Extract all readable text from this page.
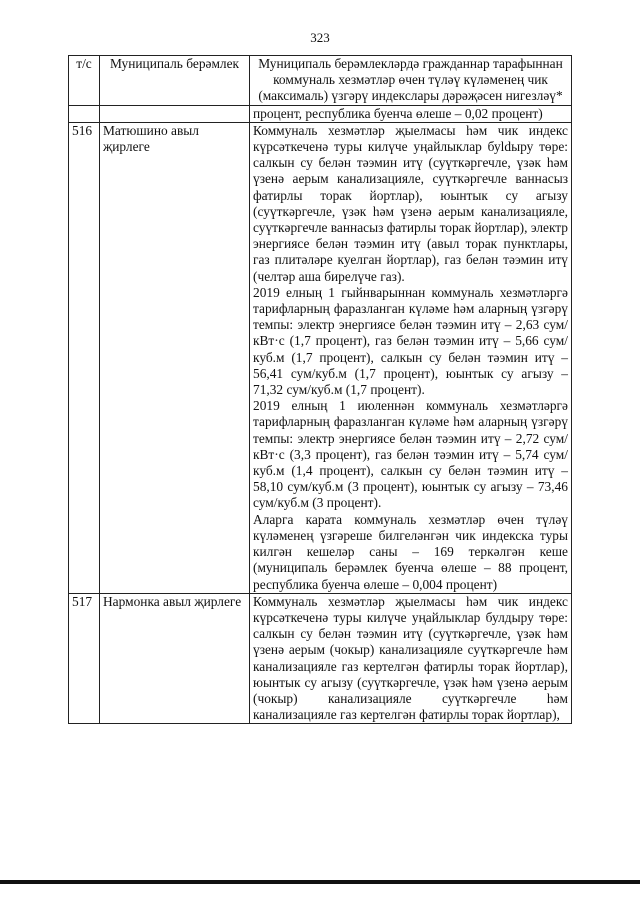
323
т/с	Муниципаль берәмлек	Муниципаль берәмлекләрдә гражданнар тарафыннан коммуналь хезмәтләр өчен түләү күләменең чик (максималь) үзгәрү индекслары дәрәҗәсен нигезләү*

		процент, республика буенча өлеше – 0,02 процент)

516	Матюшино авыл җирлеге	Коммуналь хезмәтләр җыелмасы һәм чик индекс күрсәткеченә туры килүче уңайлыклар буldыру төре: салкын су белән тәэмин итү (суүткәргечле, үзәк һәм үзенә аерым канализацияле, суүткәргечле ваннасыз фатирлы торак йортлар), юынтык су агызу (суүткәргечле, үзәк һәм үзенә аерым канализацияле, суүткәргечле ваннасыз фатирлы торак йортлар), электр энергиясе белән тәэмин итү (авыл торак пунктлары, газ плитәләре куелган йортлар), газ белән тәэмин итү (челтәр аша бирелүче газ).
2019 елның 1 гыйнварыннан коммуналь хезмәтләргә тарифларның фаразланган күләме һәм аларның үзгәрү темпы: электр энергиясе белән тәэмин итү – 2,63 сум/кВт·с (1,7 процент), газ белән тәэмин итү – 5,66 сум/куб.м (1,7 процент), салкын су белән тәэмин итү – 56,41 сум/куб.м (1,7 процент), юынтык су агызу – 71,32 сум/куб.м (1,7 процент).
2019 елның 1 июленнән коммуналь хезмәтләргә тарифларның фаразланган күләме һәм аларның үзгәрү темпы: электр энергиясе белән тәэмин итү – 2,72 сум/кВт·с (3,3 процент), газ белән тәэмин итү – 5,74 сум/куб.м (1,4 процент), салкын су белән тәэмин итү – 58,10 сум/куб.м (3 процент), юынтык су агызу – 73,46 сум/куб.м (3 процент).
Аларга карата коммуналь хезмәтләр өчен түләү күләменең үзгәреше билгеләнгән чик индекска туры килгән кешеләр саны – 169 теркәлгән кеше (муниципаль берәмлек буенча өлеше – 88 процент, республика буенча өлеше – 0,004 процент)

517	Нармонка авыл җирлеге	Коммуналь хезмәтләр җыелмасы һәм чик индекс күрсәткеченә туры килүче уңайлыклар булдыру төре: салкын су белән тәэмин итү (суүткәргечле, үзәк һәм үзенә аерым (чокыр) канализацияле суүткәргечле һәм канализацияле газ кертелгән фатирлы торак йортлар), юынтык су агызу (суүткәргечле, үзәк һәм үзенә аерым (чокыр) канализацияле суүткәргечле һәм канализацияле газ кертелгән фатирлы торак йортлар),
